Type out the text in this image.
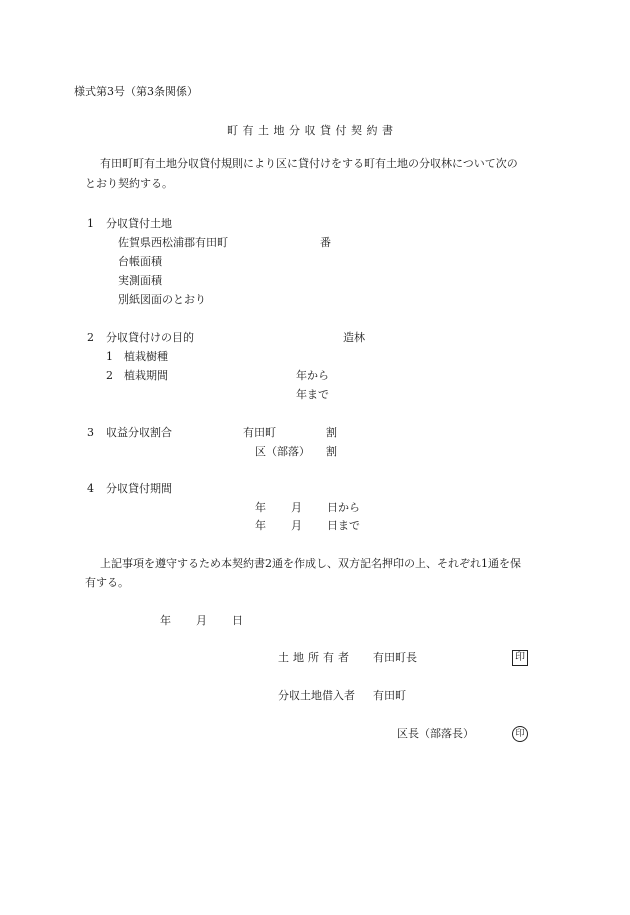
様式第3号（第3条関係）
町有土地分収貸付契約書
有田町町有土地分収貸付規則により区に貸付けをする町有土地の分収林について次の
とおり契約する。
1 分収貸付土地
佐賀県西松浦郡有田町	番
台帳面積
実測面積
別紙図面のとおり
2 分収貸付けの目的	造林
1 植栽樹種
2 植栽期間	年から
年まで
3 収益分収割合	有田町	割
区（部落） 割
4 分収貸付期間
年 月 日から
年 月 日まで
上記事項を遵守するため本契約書2通を作成し、双方記名押印の上、それぞれ1通を保
有する。
年 月 日
土地所有者 有田町長	印
分収土地借入者 有田町
区長（部落長）	印
